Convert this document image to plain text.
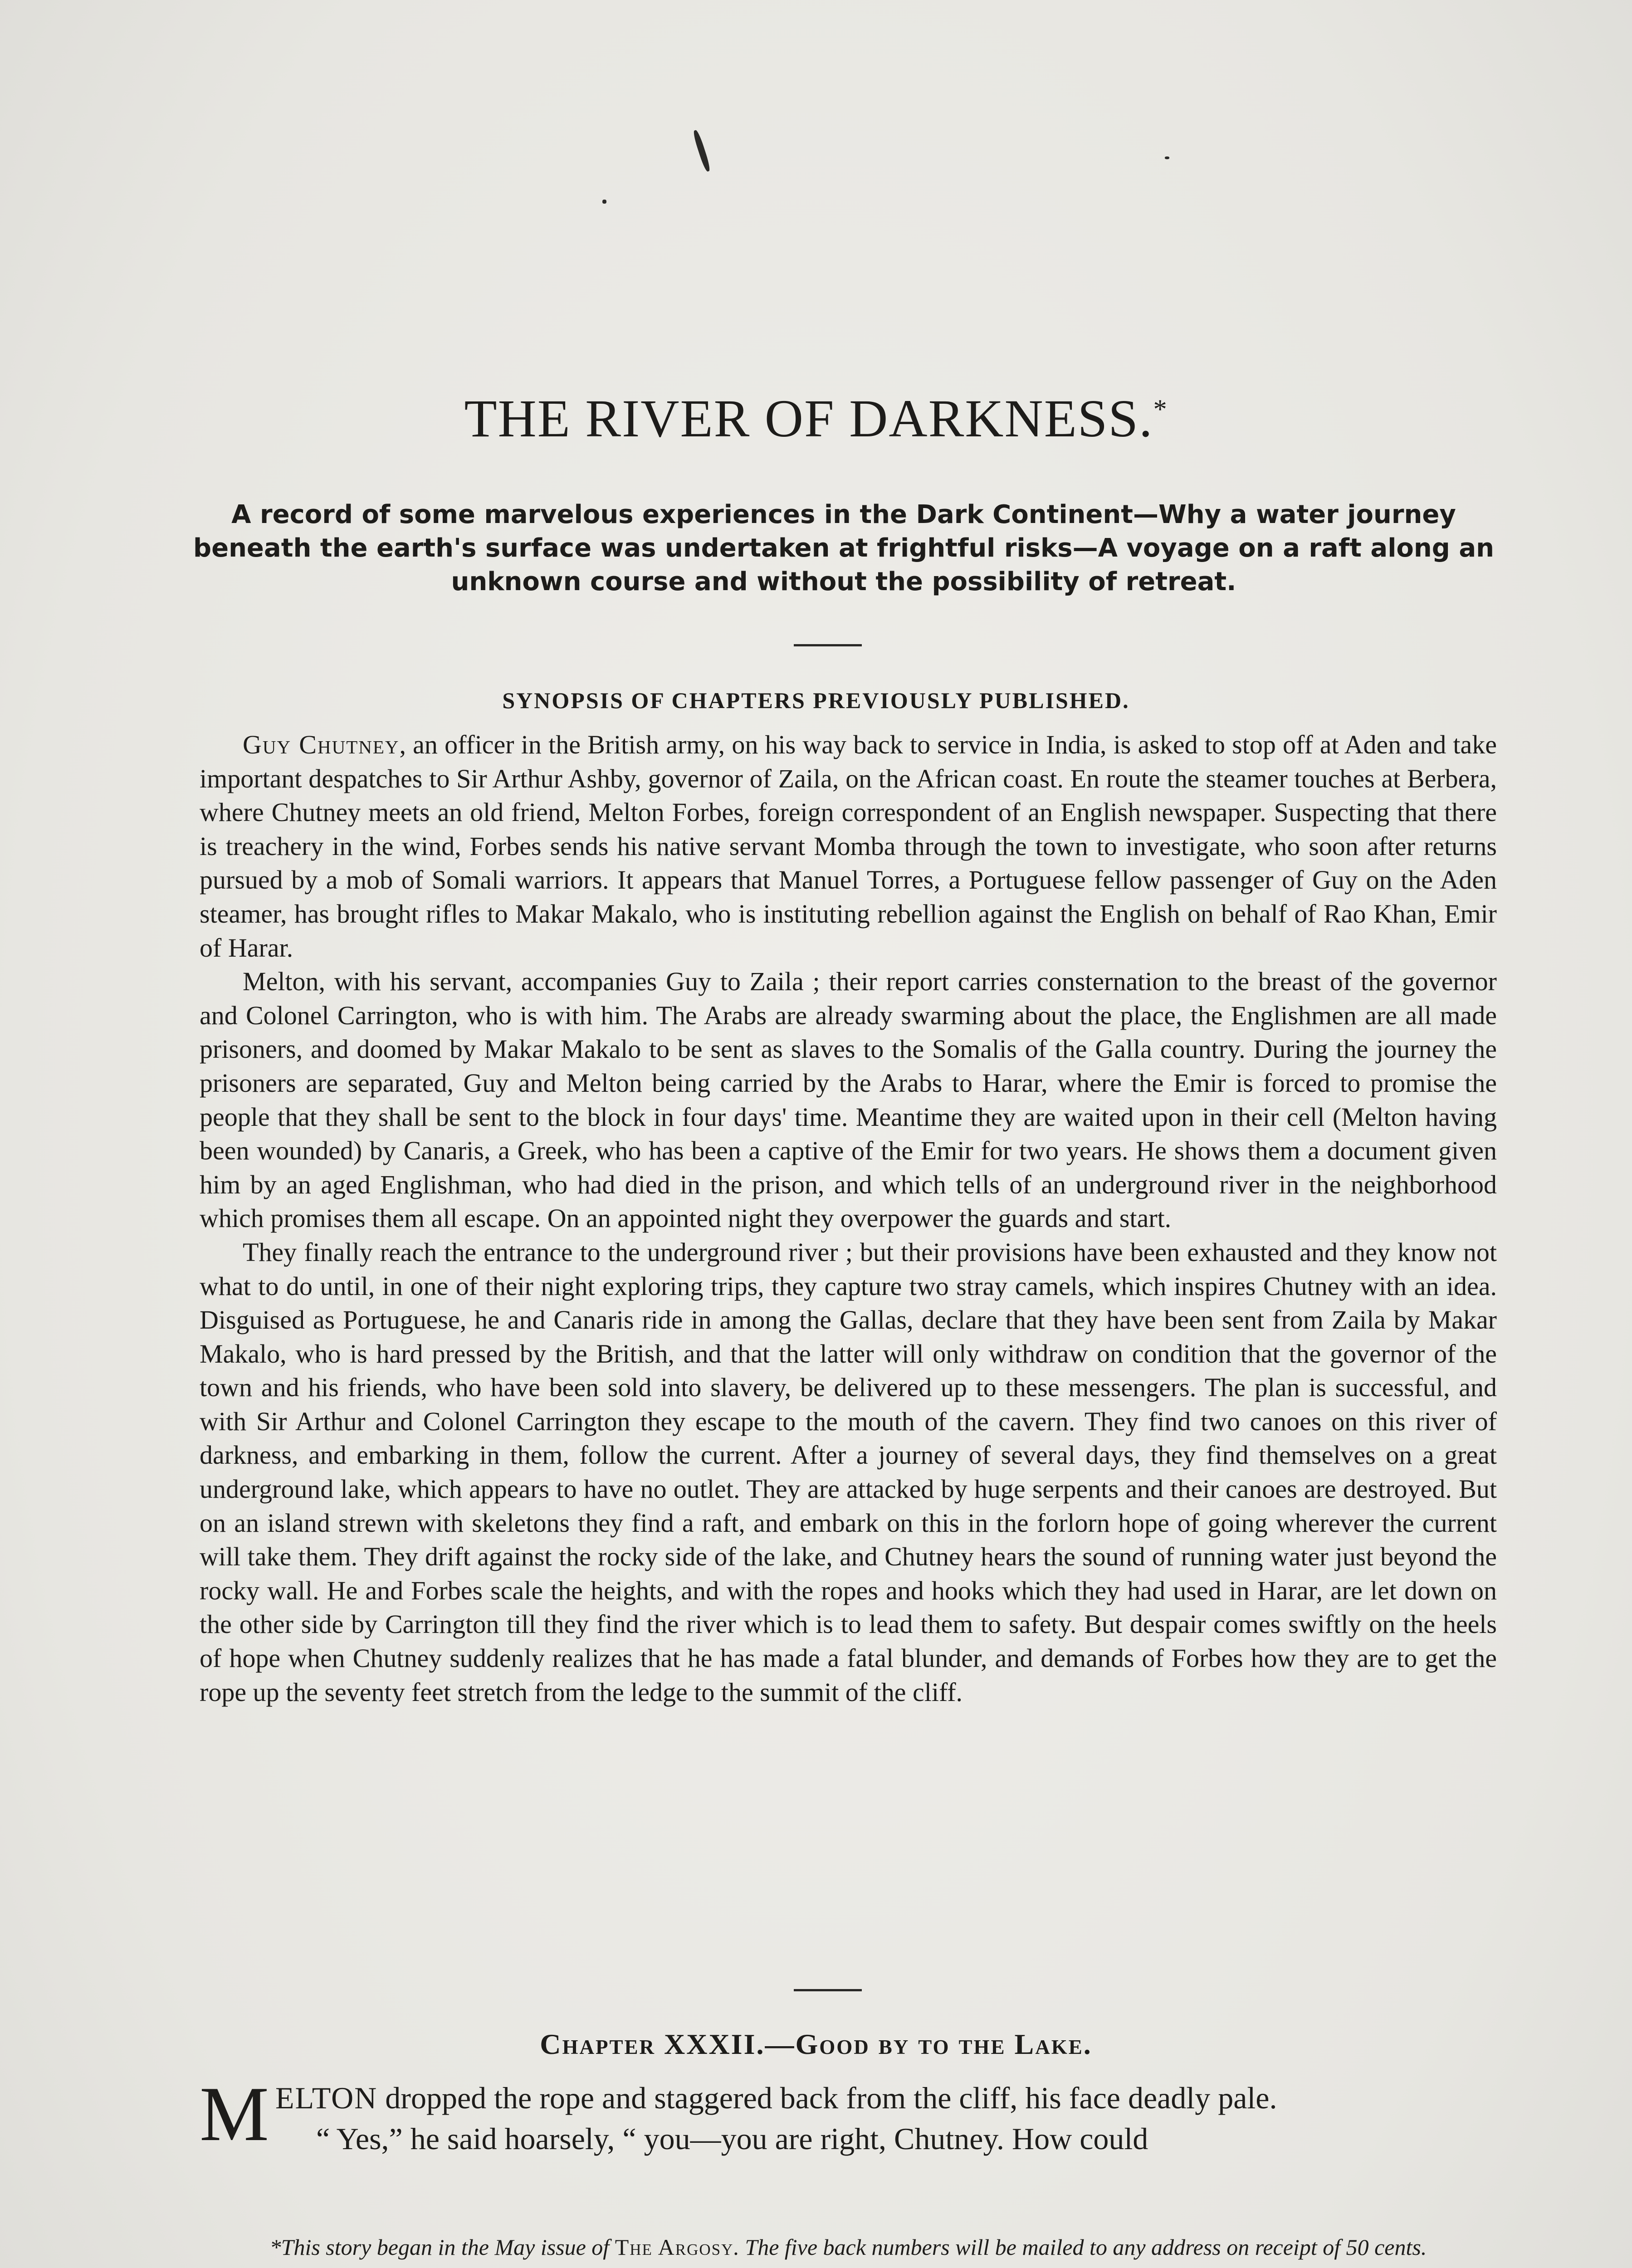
THE RIVER OF DARKNESS.*

A record of some marvelous experiences in the Dark Continent—Why a water journey beneath the earth's surface was undertaken at frightful risks—A voyage on a raft along an unknown course and without the possibility of retreat.

SYNOPSIS OF CHAPTERS PREVIOUSLY PUBLISHED.

Guy Chutney, an officer in the British army, on his way back to service in India, is asked to stop off at Aden and take important despatches to Sir Arthur Ashby, governor of Zaila, on the African coast. En route the steamer touches at Berbera, where Chutney meets an old friend, Melton Forbes, foreign correspondent of an English newspaper. Suspecting that there is treachery in the wind, Forbes sends his native servant Momba through the town to investigate, who soon after returns pursued by a mob of Somali warriors. It appears that Manuel Torres, a Portuguese fellow passenger of Guy on the Aden steamer, has brought rifles to Makar Makalo, who is instituting rebellion against the English on behalf of Rao Khan, Emir of Harar.

Melton, with his servant, accompanies Guy to Zaila ; their report carries consternation to the breast of the governor and Colonel Carrington, who is with him. The Arabs are already swarming about the place, the Englishmen are all made prisoners, and doomed by Makar Makalo to be sent as slaves to the Somalis of the Galla country. During the journey the prisoners are separated, Guy and Melton being carried by the Arabs to Harar, where the Emir is forced to promise the people that they shall be sent to the block in four days' time. Meantime they are waited upon in their cell (Melton having been wounded) by Canaris, a Greek, who has been a captive of the Emir for two years. He shows them a document given him by an aged Englishman, who had died in the prison, and which tells of an underground river in the neighborhood which promises them all escape. On an appointed night they overpower the guards and start.

They finally reach the entrance to the underground river ; but their provisions have been exhausted and they know not what to do until, in one of their night exploring trips, they capture two stray camels, which inspires Chutney with an idea. Disguised as Portuguese, he and Canaris ride in among the Gallas, declare that they have been sent from Zaila by Makar Makalo, who is hard pressed by the British, and that the latter will only withdraw on condition that the governor of the town and his friends, who have been sold into slavery, be delivered up to these messengers. The plan is successful, and with Sir Arthur and Colonel Carrington they escape to the mouth of the cavern. They find two canoes on this river of darkness, and embarking in them, follow the current. After a journey of several days, they find themselves on a great underground lake, which appears to have no outlet. They are attacked by huge serpents and their canoes are destroyed. But on an island strewn with skeletons they find a raft, and embark on this in the forlorn hope of going wherever the current will take them. They drift against the rocky side of the lake, and Chutney hears the sound of running water just beyond the rocky wall. He and Forbes scale the heights, and with the ropes and hooks which they had used in Harar, are let down on the other side by Carrington till they find the river which is to lead them to safety. But despair comes swiftly on the heels of hope when Chutney suddenly realizes that he has made a fatal blunder, and demands of Forbes how they are to get the rope up the seventy feet stretch from the ledge to the summit of the cliff.

Chapter XXXII.—Good by to the Lake.

MELTON dropped the rope and staggered back from the cliff, his face deadly pale.

“ Yes,” he said hoarsely, “ you—you are right, Chutney. How could

*This story began in the May issue of The Argosy. The five back numbers will be mailed to any address on receipt of 50 cents.
